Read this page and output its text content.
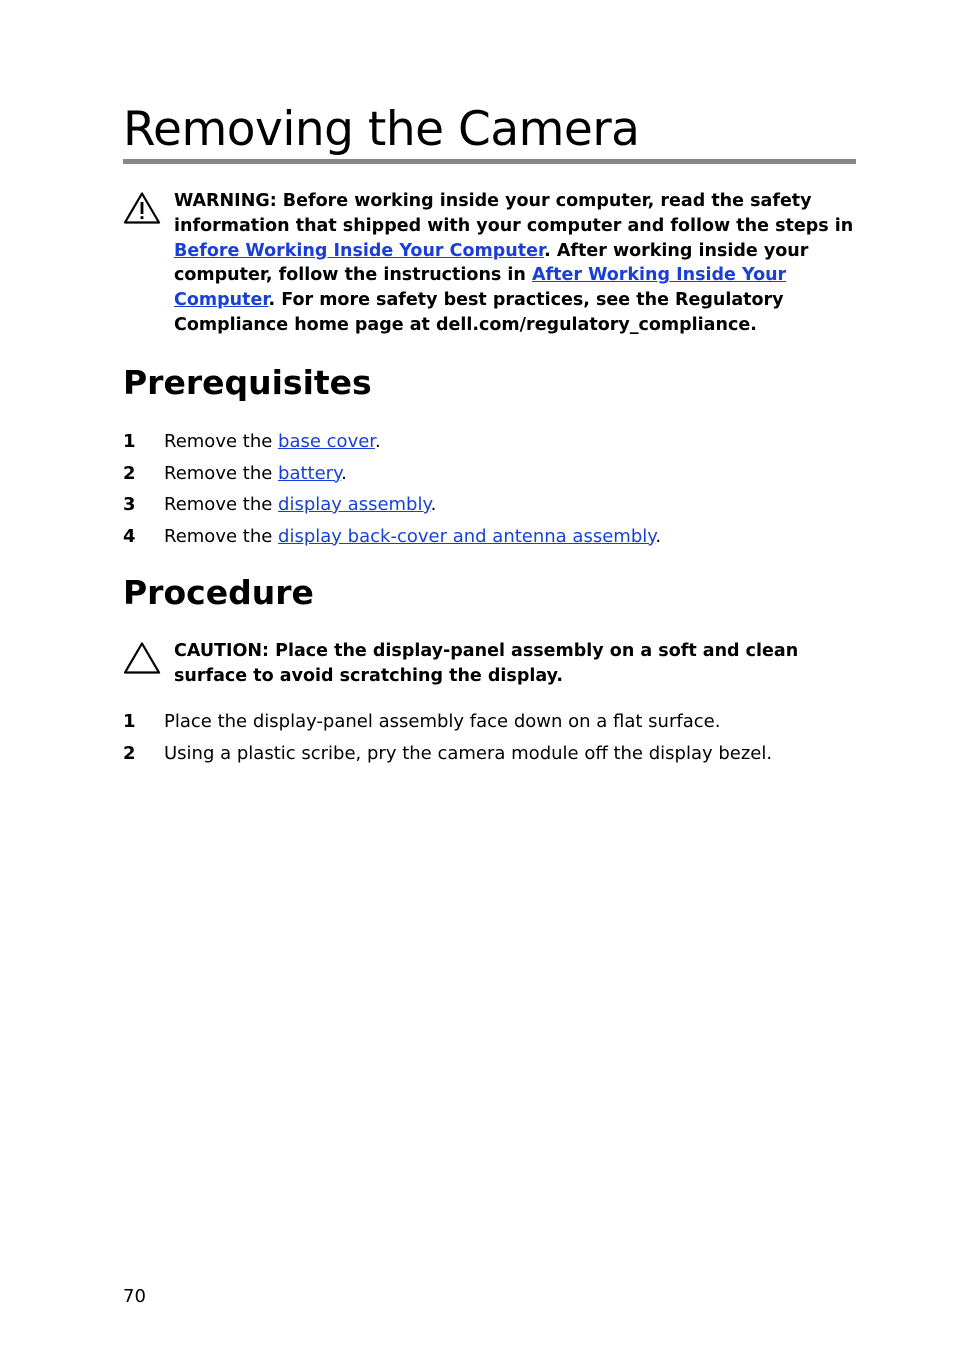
Removing the Camera

WARNING: Before working inside your computer, read the safety information that shipped with your computer and follow the steps in Before Working Inside Your Computer. After working inside your computer, follow the instructions in After Working Inside Your Computer. For more safety best practices, see the Regulatory Compliance home page at dell.com/regulatory_compliance.

Prerequisites
1 Remove the base cover.
2 Remove the battery.
3 Remove the display assembly.
4 Remove the display back-cover and antenna assembly.
Procedure

CAUTION: Place the display-panel assembly on a soft and clean surface to avoid scratching the display.

1 Place the display-panel assembly face down on a flat surface.
2 Using a plastic scribe, pry the camera module off the display bezel.
70
